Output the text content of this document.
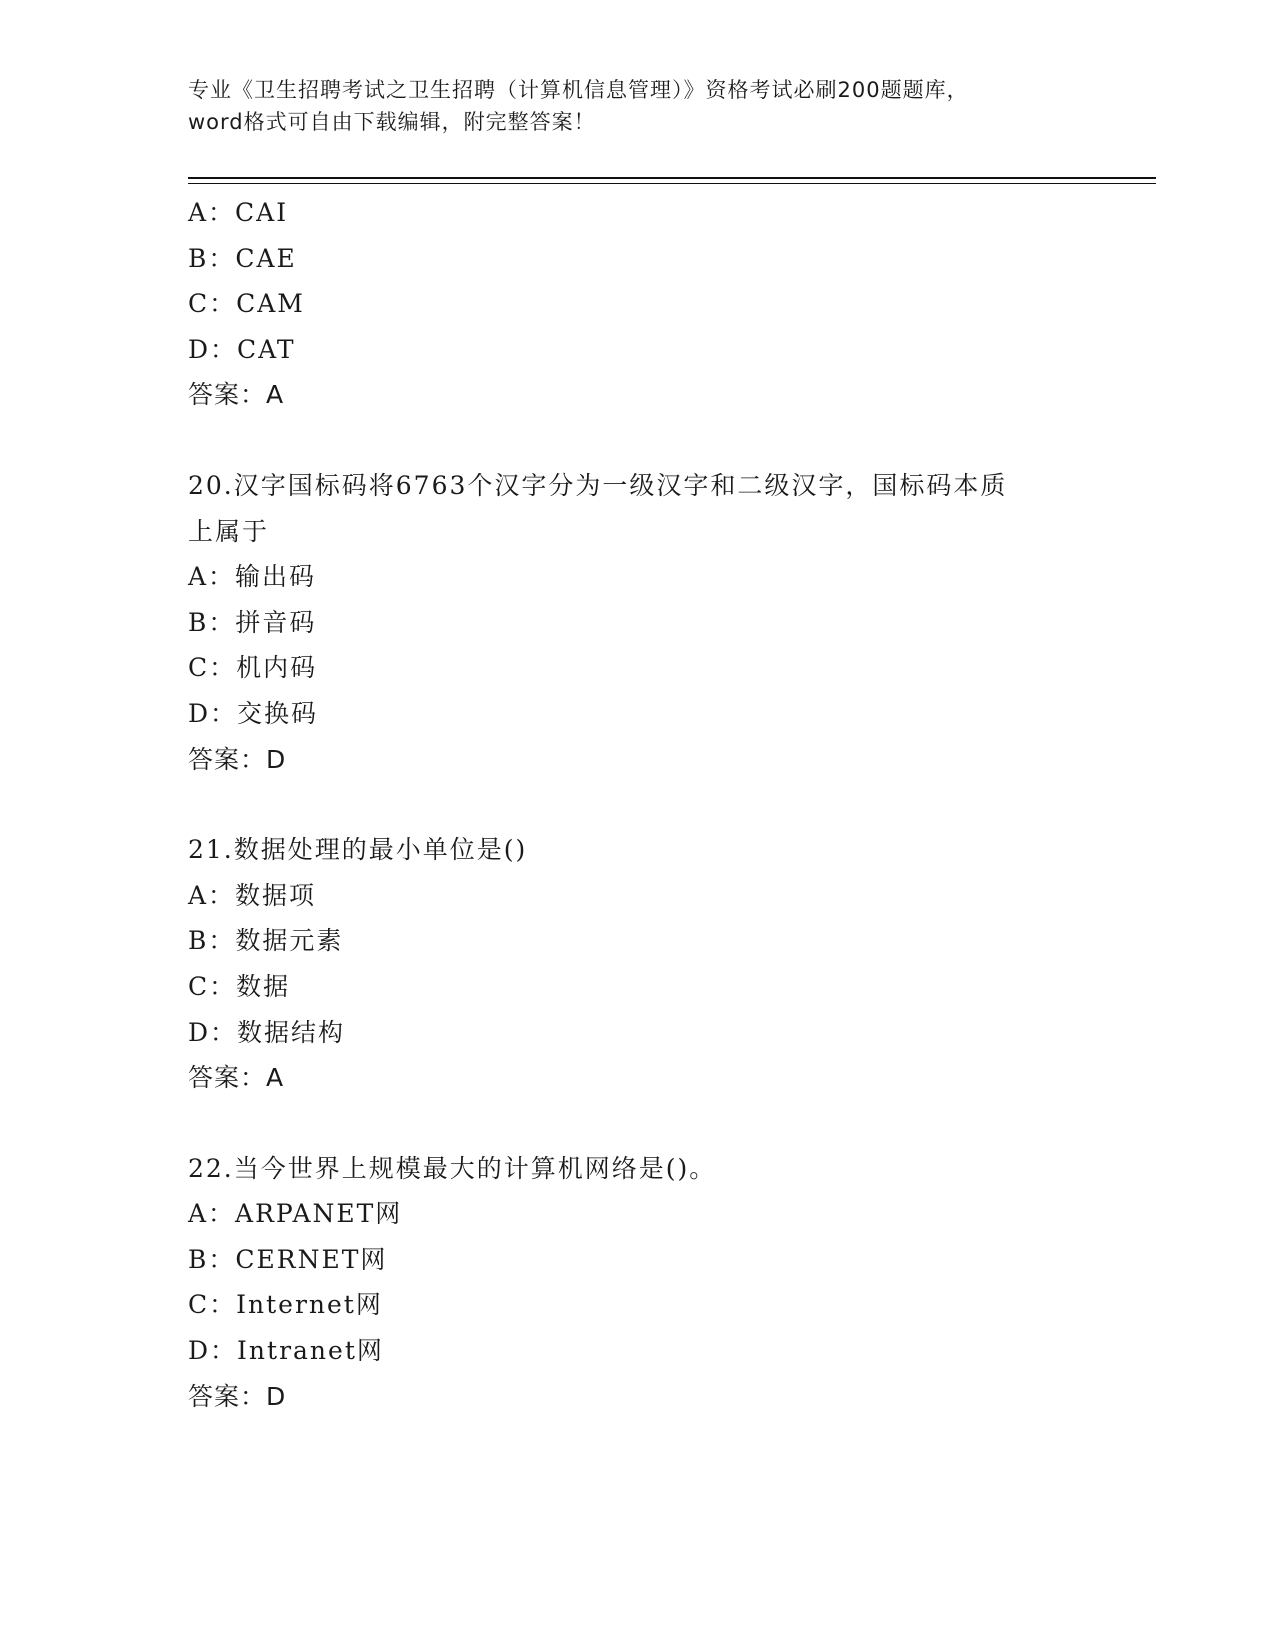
专业《卫生招聘考试之卫生招聘（计算机信息管理）》资格考试必刷200题题库，
word格式可自由下载编辑，附完整答案！
A：CAI
B：CAE
C：CAM
D：CAT
答案：A
20.汉字国标码将6763个汉字分为一级汉字和二级汉字，国标码本质
上属于
A：输出码
B：拼音码
C：机内码
D：交换码
答案：D
21.数据处理的最小单位是()
A：数据项
B：数据元素
C：数据
D：数据结构
答案：A
22.当今世界上规模最大的计算机网络是()。
A：ARPANET网
B：CERNET网
C：Internet网
D：Intranet网
答案：D
